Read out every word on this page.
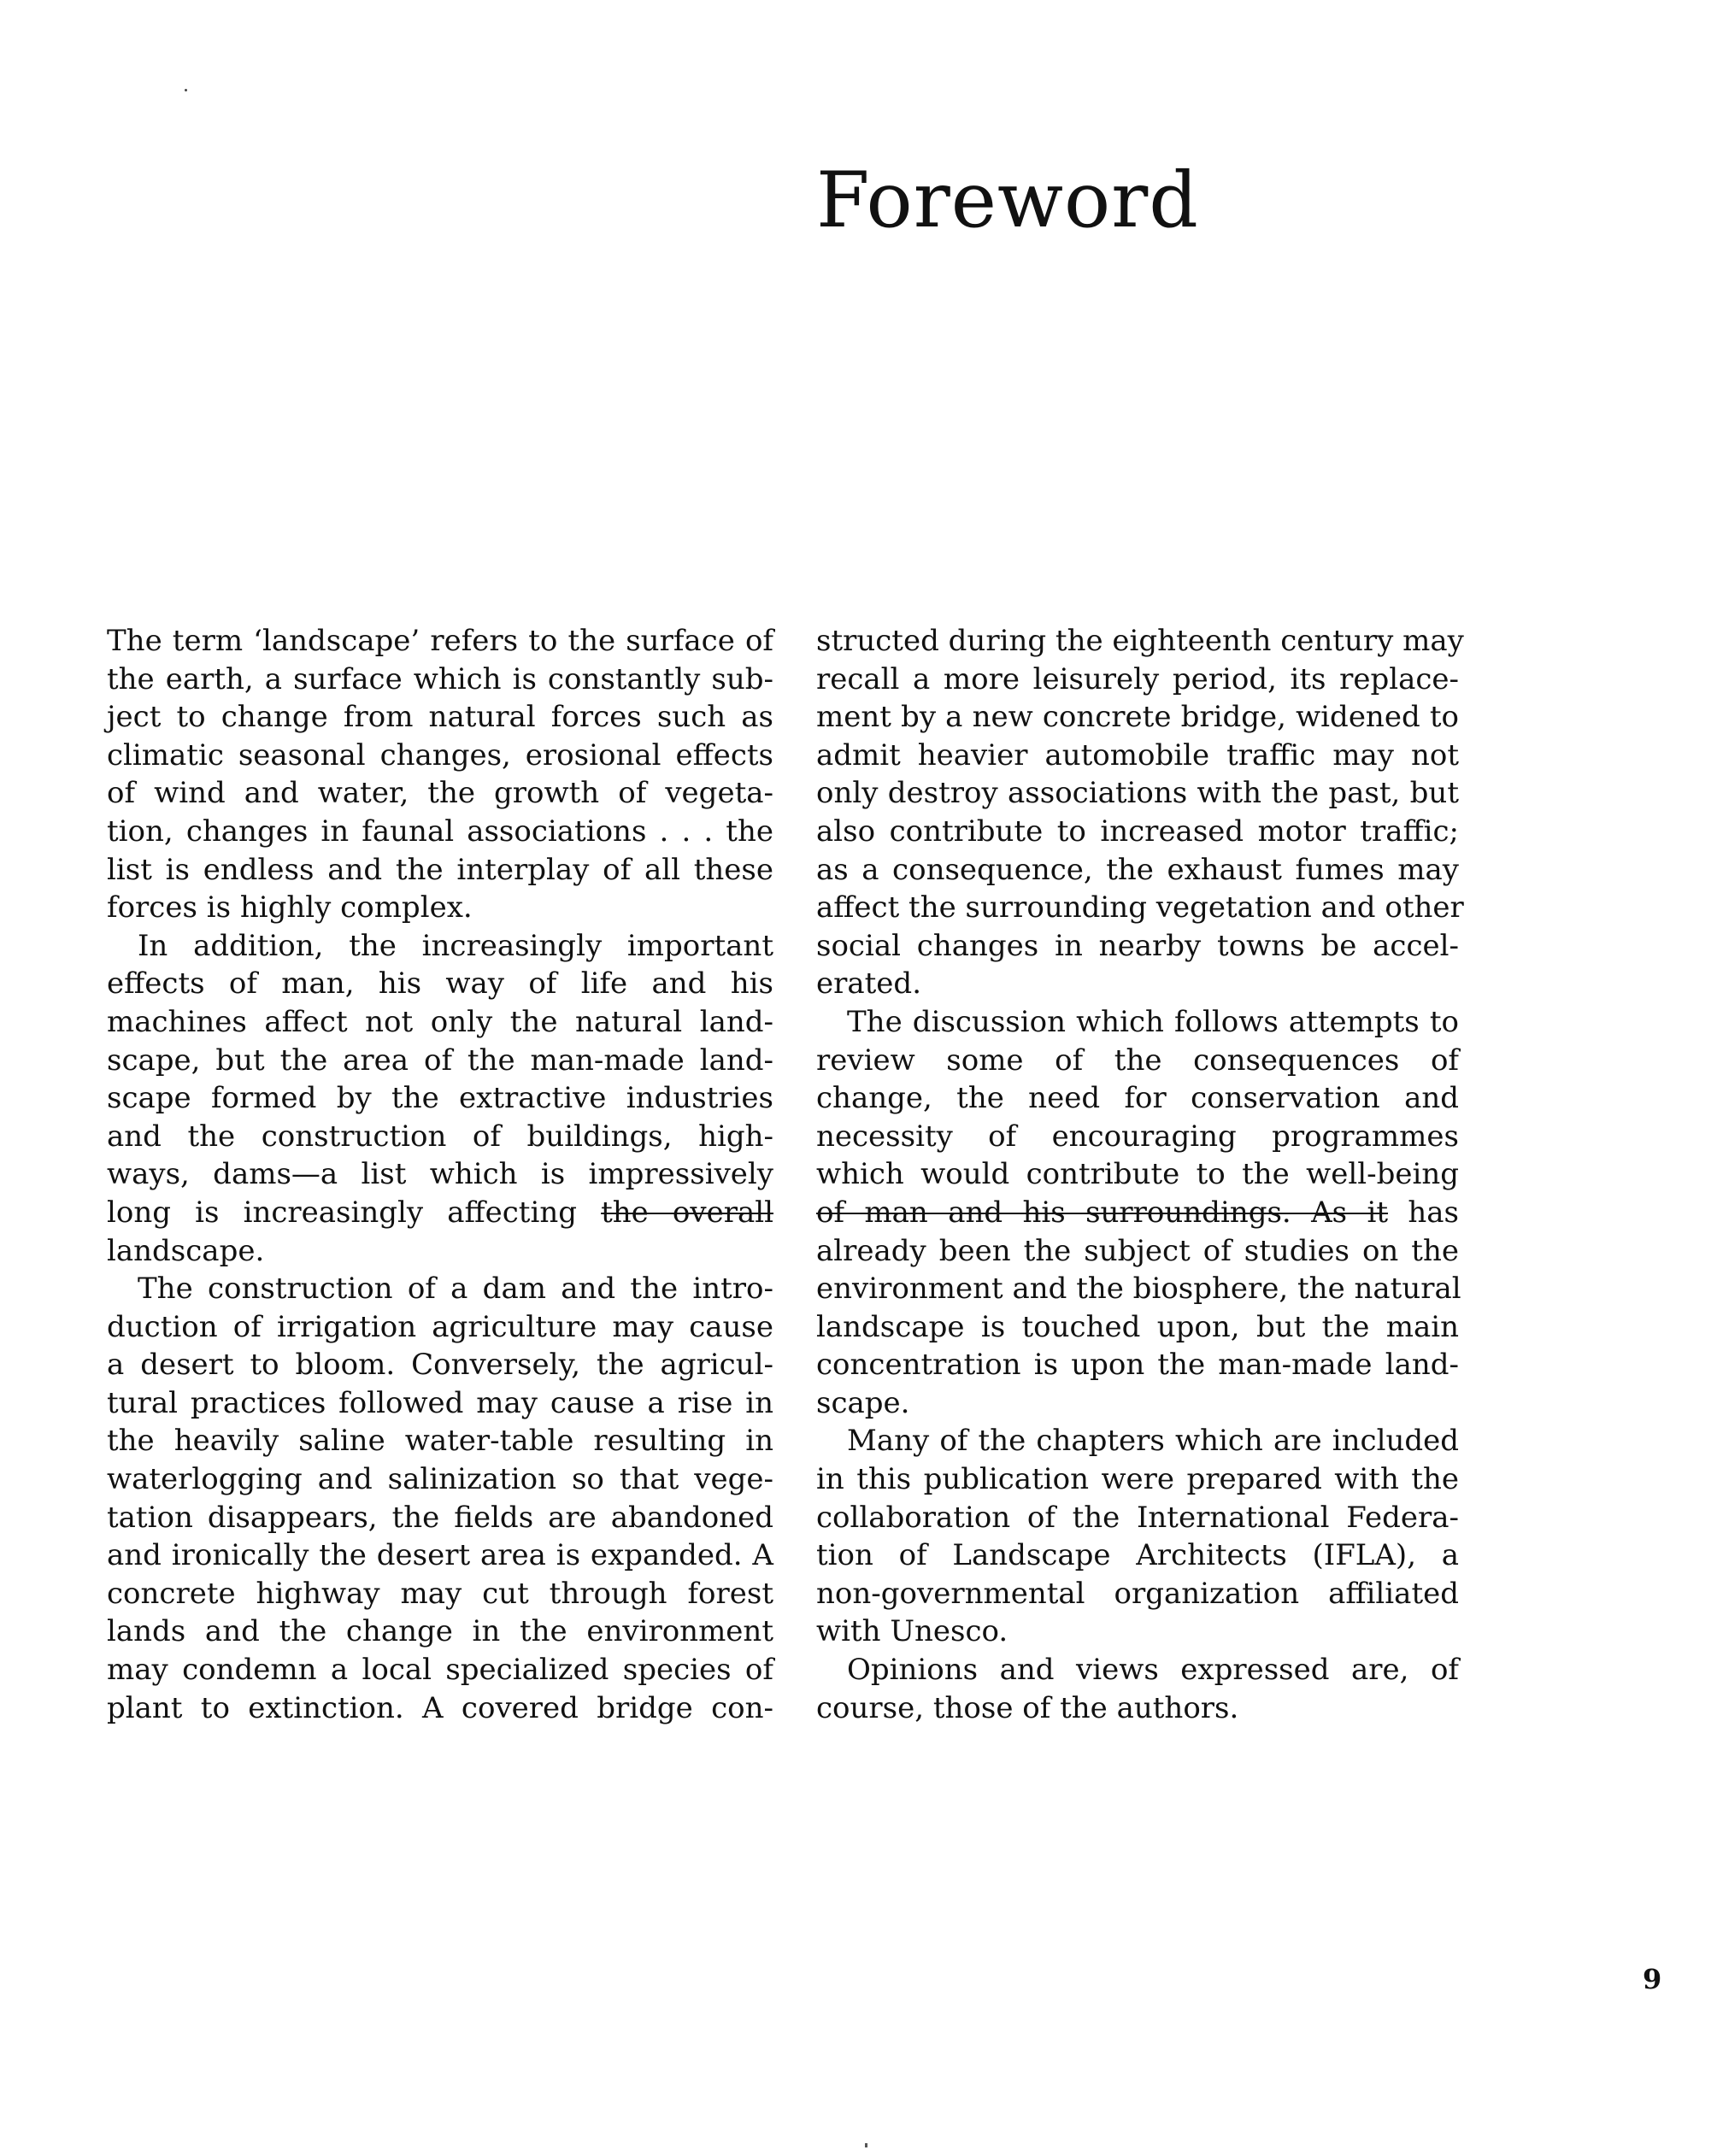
Foreword
The term ‘landscape’ refers to the surface of
the earth, a surface which is constantly sub-
ject to change from natural forces such as
climatic seasonal changes, erosional effects
of wind and water, the growth of vegeta-
tion, changes in faunal associations . . . the
list is endless and the interplay of all these
forces is highly complex.
In addition, the increasingly important
effects of man, his way of life and his
machines affect not only the natural land-
scape, but the area of the man-made land-
scape formed by the extractive industries
and the construction of buildings, high-
ways, dams—a list which is impressively
long is increasingly affecting the overall
landscape.
The construction of a dam and the intro-
duction of irrigation agriculture may cause
a desert to bloom. Conversely, the agricul-
tural practices followed may cause a rise in
the heavily saline water-table resulting in
waterlogging and salinization so that vege-
tation disappears, the fields are abandoned
and ironically the desert area is expanded. A
concrete highway may cut through forest
lands and the change in the environment
may condemn a local specialized species of
plant to extinction. A covered bridge con-
structed during the eighteenth century may
recall a more leisurely period, its replace-
ment by a new concrete bridge, widened to
admit heavier automobile traffic may not
only destroy associations with the past, but
also contribute to increased motor traffic;
as a consequence, the exhaust fumes may
affect the surrounding vegetation and other
social changes in nearby towns be accel-
erated.
The discussion which follows attempts to
review some of the consequences of
change, the need for conservation and
necessity of encouraging programmes
which would contribute to the well-being
of man and his surroundings. As it has
already been the subject of studies on the
environment and the biosphere, the natural
landscape is touched upon, but the main
concentration is upon the man-made land-
scape.
Many of the chapters which are included
in this publication were prepared with the
collaboration of the International Federa-
tion of Landscape Architects (IFLA), a
non-governmental organization affiliated
with Unesco.
Opinions and views expressed are, of
course, those of the authors.
9
